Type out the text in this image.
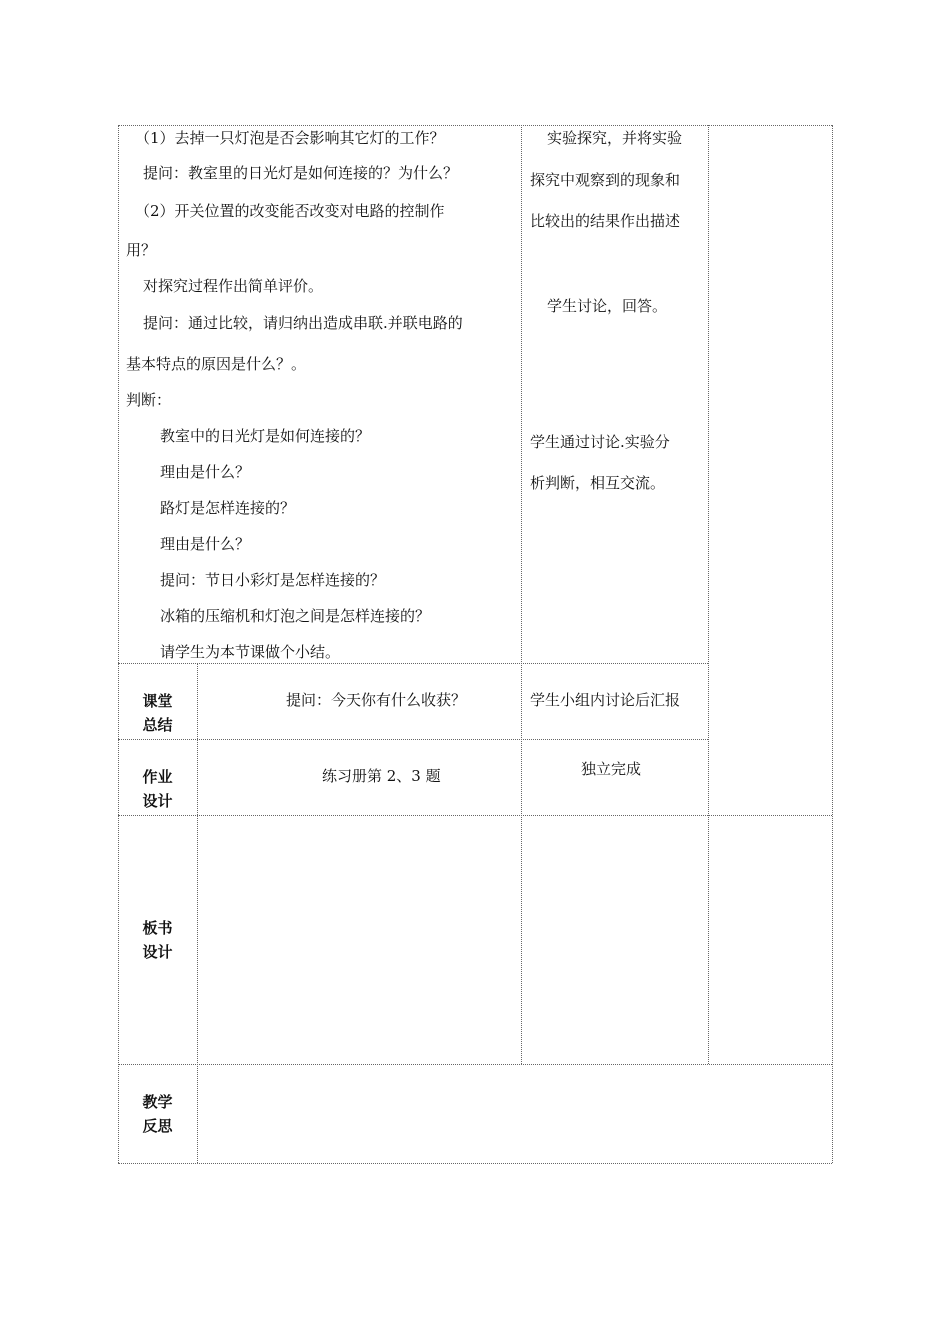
（1）去掉一只灯泡是否会影响其它灯的工作？
提问：教室里的日光灯是如何连接的？为什么？
（2）开关位置的改变能否改变对电路的控制作
用？
对探究过程作出简单评价。
提问：通过比较，请归纳出造成串联.并联电路的
基本特点的原因是什么？。
判断：
教室中的日光灯是如何连接的？
理由是什么？
路灯是怎样连接的？
理由是什么？
提问：节日小彩灯是怎样连接的？
冰箱的压缩机和灯泡之间是怎样连接的？
请学生为本节课做个小结。
实验探究，并将实验
探究中观察到的现象和
比较出的结果作出描述
学生讨论，回答。
学生通过讨论.实验分
析判断，相互交流。
课堂
总结
提问：今天你有什么收获？	学生小组内讨论后汇报
作业
设计
练习册第 2、3 题	独立完成
板书
设计
教学
反思
